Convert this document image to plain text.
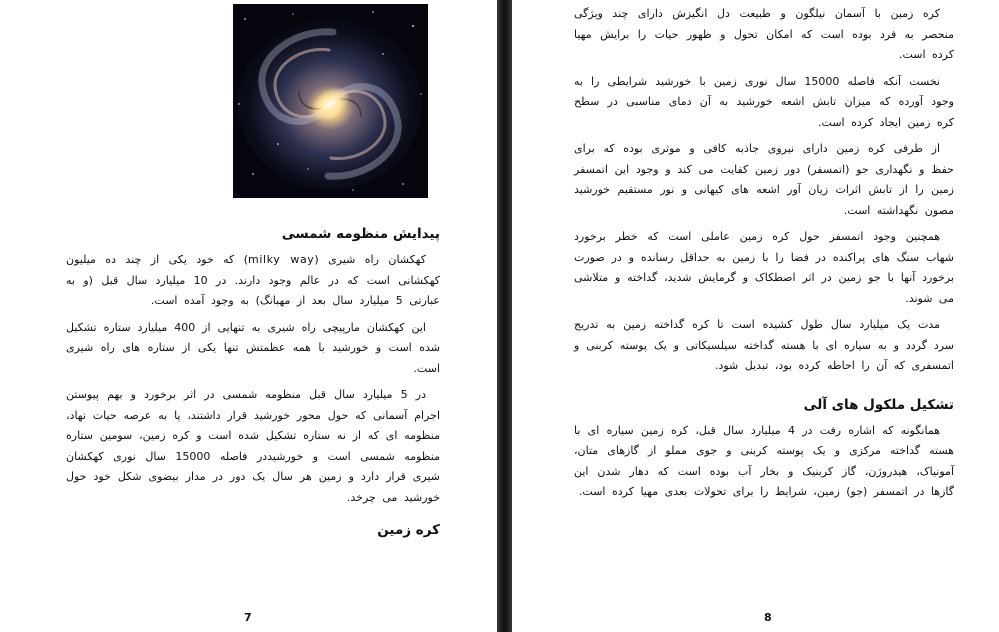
پیدایش منظومه شمسی

کهکشان راه شیری (milky way) که خود یکی از چند ده میلیون کهکشانی است که در عالم وجود دارند. در 10 میلیارد سال قبل (و به عبارتی 5 میلیارد سال بعد از مهبانگ) به وجود آمده است.

این کهکشان مارپیچی راه شیری به تنهایی از 400 میلیارد ستاره تشکیل شده است و خورشید با همه عظمتش تنها یکی از ستاره های راه شیری است.

در 5 میلیارد سال قبل منظومه شمسی در اثر برخورد و بهم پیوستن اجرام آسمانی که حول محور خورشید قرار داشتند، پا به عرصه حیات نهاد، منظومه ای که از نه ستاره تشکیل شده است و کره زمین، سومین ستاره منظومه شمسی است و خورشیددر فاصله 15000 سال نوری کهکشان شیری قرار دارد و زمین هر سال یک دور در مدار بیضوی شکل خود حول خورشید می چرخد.

کره زمین
7

کره زمین با آسمان نیلگون و طبیعت دل انگیزش دارای چند ویژگی منحصر به فرد بوده است که امکان تحول و ظهور حیات را برایش مهیا کرده است.

نخست آنکه فاصله 15000 سال نوری زمین با خورشید شرایطی را به وجود آورده که میزان تابش اشعه خورشید به آن دمای مناسبی در سطح کره زمین ایجاد کرده است.

از طرفی کره زمین دارای نیروی جاذبه کافی و موثری بوده که برای حفظ و نگهداری جو (اتمسفر) دور زمین کفایت می کند و وجود این اتمسفر زمین را از تابش اثرات زیان آور اشعه های کیهانی و نور مستقیم خورشید مصون نگهداشته است.

همچنین وجود اتمسفر حول کره زمین عاملی است که خطر برخورد شهاب سنگ های پراکنده در فضا را با زمین به حداقل رسانده و در صورت برخورد آنها با جو زمین در اثر اصطکاک و گرمایش شدید، گداخته و متلاشی می شوند.

مدت یک میلیارد سال طول کشیده است تا کره گداخته زمین به تدریج سرد گردد و به سیاره ای با هسته گداخته سیلسیکاتی و یک پوسته کربنی و اتمسفری که آن را احاطه کرده بود، تبدیل شود.

تشکیل ملکول های آلی

همانگونه که اشاره رفت در 4 میلیارد سال قبل، کره زمین سیاره ای با هسته گداخته مرکزی و یک پوسته کربنی و جوی مملو از گازهای متان، آمونیاک، هیدروژن، گاز کربنیک و بخار آب بوده است که دهار شدن این گازها در اتمسفر (جو) زمین، شرایط را برای تحولات بعدی مهیا کرده است.

8
